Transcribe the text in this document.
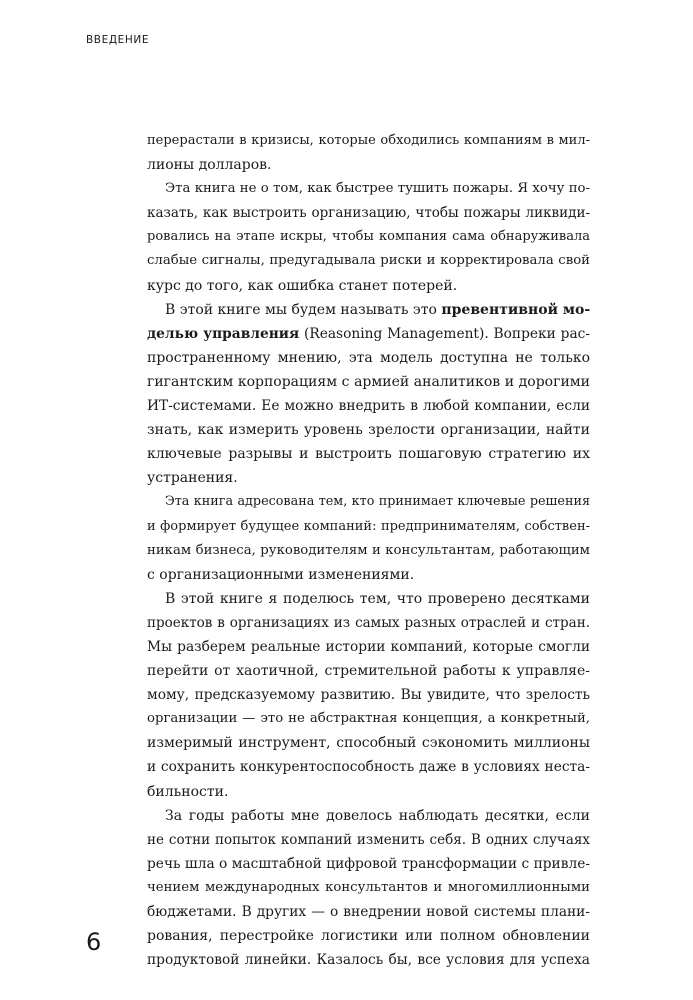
ВВЕДЕНИЕ
перерастали в кризисы, которые обходились компаниям в мил-
лионы долларов.
Эта книга не о том, как быстрее тушить пожары. Я хочу по-
казать, как выстроить организацию, чтобы пожары ликвиди-
ровались на этапе искры, чтобы компания сама обнаруживала
слабые сигналы, предугадывала риски и корректировала свой
курс до того, как ошибка станет потерей.
В этой книге мы будем называть это превентивной мо-
делью управления (Reasoning Management). Вопреки рас-
пространенному мнению, эта модель доступна не только
гигантским корпорациям с армией аналитиков и дорогими
ИТ-системами. Ее можно внедрить в любой компании, если
знать, как измерить уровень зрелости организации, найти
ключевые разрывы и выстроить пошаговую стратегию их
устранения.
Эта книга адресована тем, кто принимает ключевые решения
и формирует будущее компаний: предпринимателям, собствен-
никам бизнеса, руководителям и консультантам, работающим
с организационными изменениями.
В этой книге я поделюсь тем, что проверено десятками
проектов в организациях из самых разных отраслей и стран.
Мы разберем реальные истории компаний, которые смогли
перейти от хаотичной, стремительной работы к управляе-
мому, предсказуемому развитию. Вы увидите, что зрелость
организации — это не абстрактная концепция, а конкретный,
измеримый инструмент, способный сэкономить миллионы
и сохранить конкурентоспособность даже в условиях неста-
бильности.
За годы работы мне довелось наблюдать десятки, если
не сотни попыток компаний изменить себя. В одних случаях
речь шла о масштабной цифровой трансформации с привле-
чением международных консультантов и многомиллионными
бюджетами. В других — о внедрении новой системы плани-
рования, перестройке логистики или полном обновлении
продуктовой линейки. Казалось бы, все условия для успеха
6
